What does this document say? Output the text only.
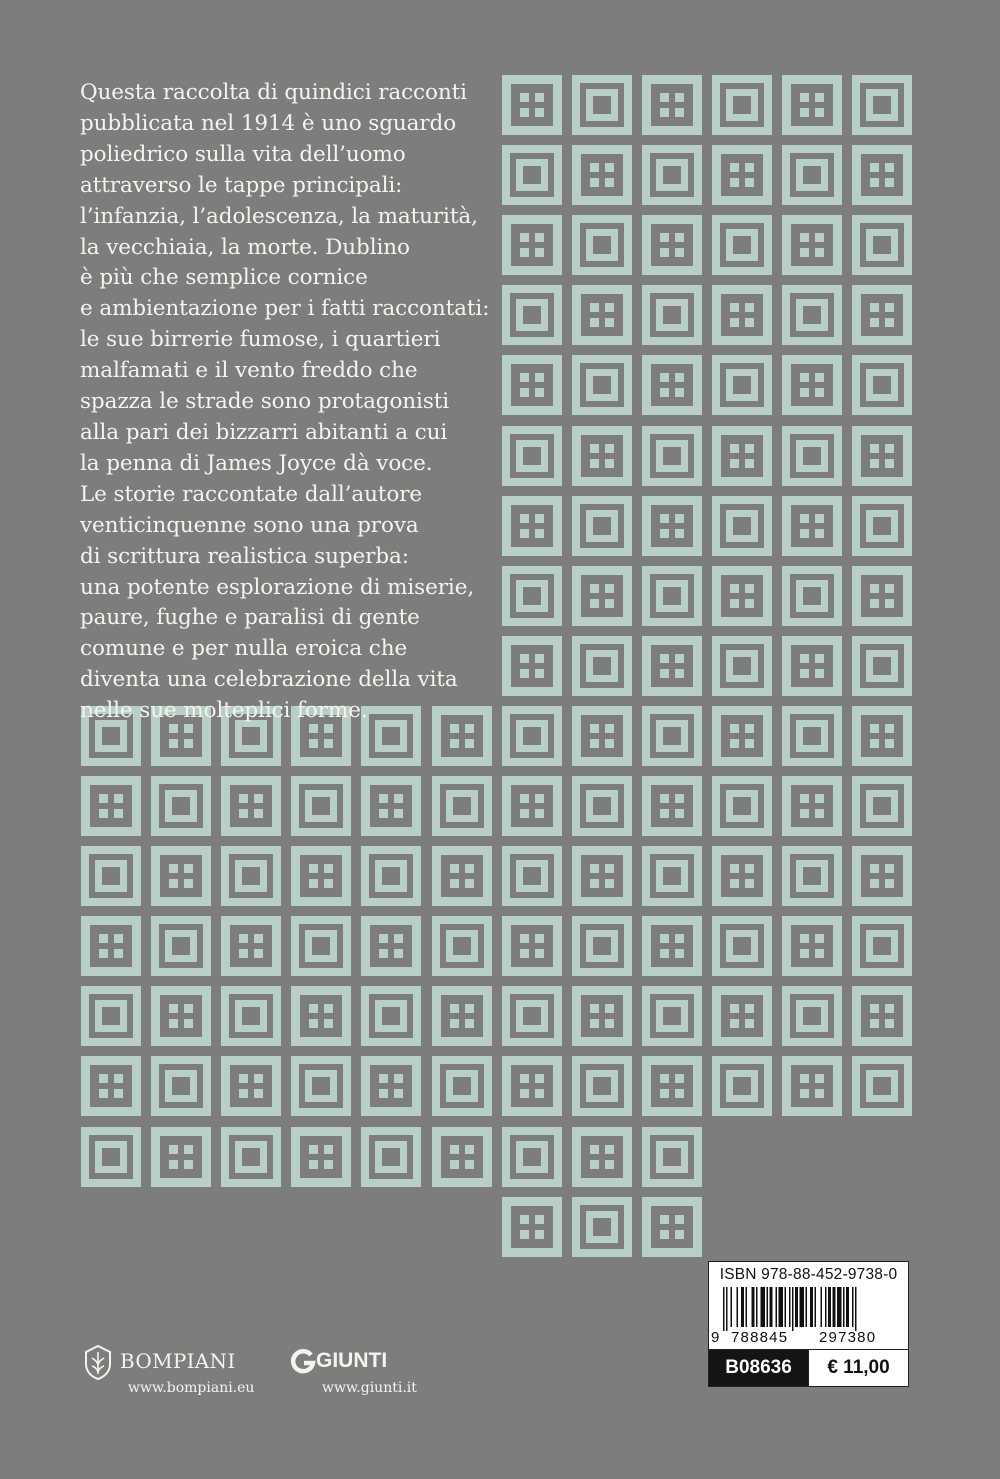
Questa raccolta di quindici racconti
pubblicata nel 1914 è uno sguardo
poliedrico sulla vita dell’uomo
attraverso le tappe principali:
l’infanzia, l’adolescenza, la maturità,
la vecchiaia, la morte. Dublino
è più che semplice cornice
e ambientazione per i fatti raccontati:
le sue birrerie fumose, i quartieri
malfamati e il vento freddo che
spazza le strade sono protagonisti
alla pari dei bizzarri abitanti a cui
la penna di James Joyce dà voce.
Le storie raccontate dall’autore
venticinquenne sono una prova
di scrittura realistica superba:
una potente esplorazione di miserie,
paure, fughe e paralisi di gente
comune e per nulla eroica che
diventa una celebrazione della vita
nelle sue molteplici forme.

ISBN 978-88-452-9738-0
9 788845 297380
B08636	€ 11,00
BOMPIANI
www.bompiani.eu
GIUNTI
www.giunti.it
